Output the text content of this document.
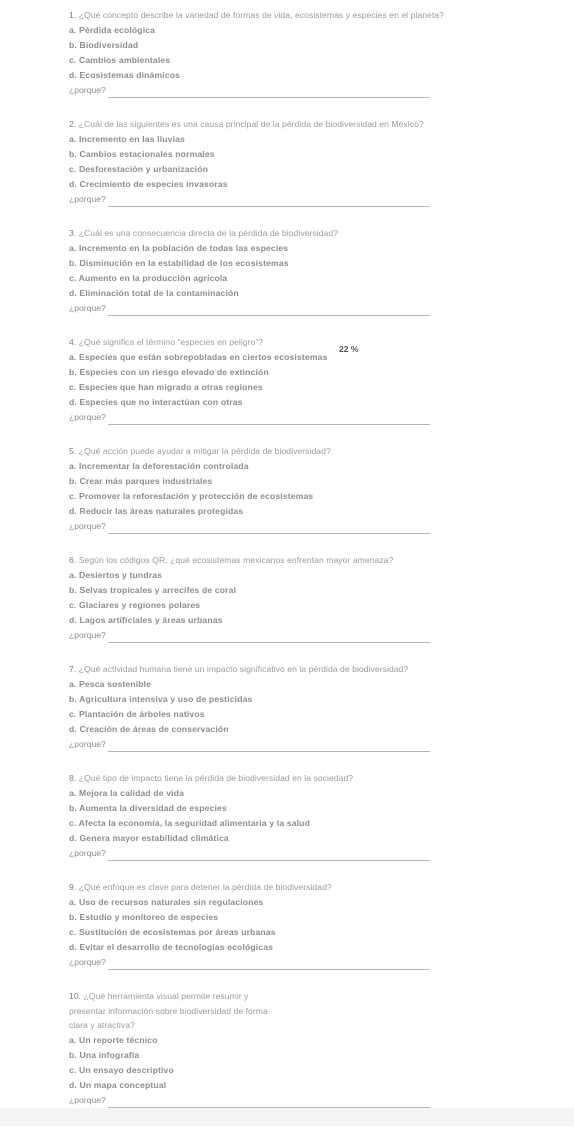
1. ¿Qué concepto describe la variedad de formas de vida, ecosistemas y especies en el planeta?
a. Pérdida ecológica
b. Biodiversidad
c. Cambios ambientales
d. Ecosistemas dinámicos
¿porque?
2. ¿Cuál de las siguientes es una causa principal de la pérdida de biodiversidad en México?
a. Incremento en las lluvias
b. Cambios estacionales normales
c. Desforestación y urbanización
d. Crecimiento de especies invasoras
¿porque?
3. ¿Cuál es una consecuencia directa de la pérdida de biodiversidad?
a. Incremento en la población de todas las especies
b. Disminución en la estabilidad de los ecosistemas
c. Aumento en la producción agrícola
d. Eliminación total de la contaminación
¿porque?
4. ¿Qué significa el término “especies en peligro”?
a. Especies que están sobrepobladas en ciertos ecosistemas
b. Especies con un riesgo elevado de extinción
c. Especies que han migrado a otras regiones
d. Especies que no interactúan con otras
¿porque?
5. ¿Qué acción puede ayudar a mitigar la pérdida de biodiversidad?
a. Incrementar la deforestación controlada
b. Crear más parques industriales
c. Promover la reforestación y protección de ecosistemas
d. Reducir las áreas naturales protegidas
¿porque?
6. Según los códigos QR, ¿qué ecosistemas mexicanos enfrentan mayor amenaza?
a. Desiertos y tundras
b. Selvas tropicales y arrecifes de coral
c. Glaciares y regiones polares
d. Lagos artificiales y áreas urbanas
¿porque?
7. ¿Qué actividad humana tiene un impacto significativo en la pérdida de biodiversidad?
a. Pesca sostenible
b. Agricultura intensiva y uso de pesticidas
c. Plantación de árboles nativos
d. Creación de áreas de conservación
¿porque?
8. ¿Qué tipo de impacto tiene la pérdida de biodiversidad en la sociedad?
a. Mejora la calidad de vida
b. Aumenta la diversidad de especies
c. Afecta la economía, la seguridad alimentaria y la salud
d. Genera mayor estabilidad climática
¿porque?
9. ¿Qué enfoque es clave para detener la pérdida de biodiversidad?
a. Uso de recursos naturales sin regulaciones
b. Estudio y monitoreo de especies
c. Sustitución de ecosistemas por áreas urbanas
d. Evitar el desarrollo de tecnologías ecológicas
¿porque?
10. ¿Qué herramienta visual permite resumir y presentar información sobre biodiversidad de forma clara y atractiva?
a. Un reporte técnico
b. Una infografía
c. Un ensayo descriptivo
d. Un mapa conceptual
¿porque?
22 %
